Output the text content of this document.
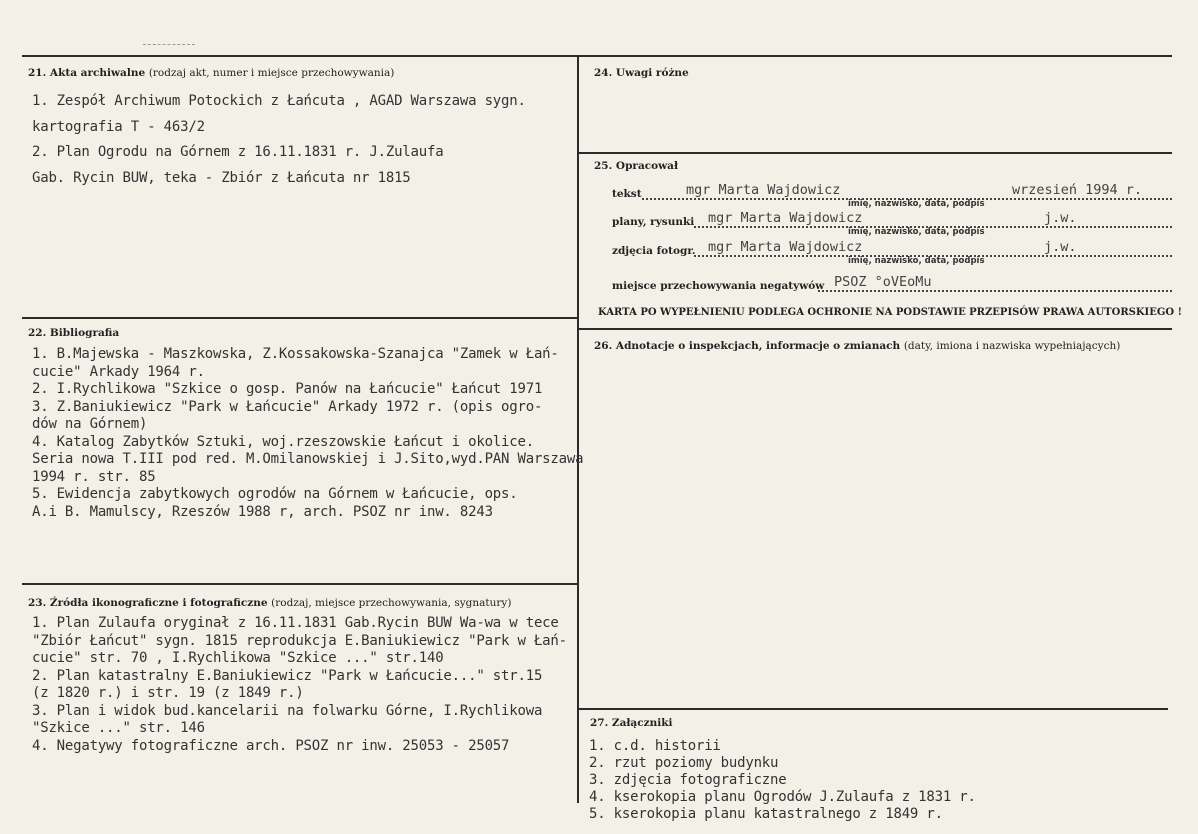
21. Akta archiwalne (rodzaj akt, numer i miejsce przechowywania)

1. Zespół Archiwum Potockich z Łańcuta , AGAD Warszawa sygn.

kartografia T - 463/2

2. Plan Ogrodu na Górnem z 16.11.1831 r. J.Zulaufa

Gab. Rycin BUW, teka - Zbiór z Łańcuta nr 1815

22. Bibliografia

1. B.Majewska - Maszkowska, Z.Kossakowska-Szanajca "Zamek w Łań-

cucie" Arkady 1964 r.

2. I.Rychlikowa "Szkice o gosp. Panów na Łańcucie" Łańcut 1971

3. Z.Baniukiewicz "Park w Łańcucie" Arkady 1972 r. (opis ogro-

dów na Górnem)

4. Katalog Zabytków Sztuki, woj.rzeszowskie Łańcut i okolice.

Seria nowa T.III pod red. M.Omilanowskiej i J.Sito,wyd.PAN Warszawa

1994 r. str. 85

5. Ewidencja zabytkowych ogrodów na Górnem w Łańcucie, ops.

A.i B. Mamulscy, Rzeszów 1988 r, arch. PSOZ nr inw. 8243

23. Źródła ikonograficzne i fotograficzne (rodzaj, miejsce przechowywania, sygnatury)

1. Plan Zulaufa oryginał z 16.11.1831 Gab.Rycin BUW Wa-wa w tece

"Zbiór Łańcut" sygn. 1815 reprodukcja E.Baniukiewicz "Park w Łań-

cucie" str. 70 , I.Rychlikowa "Szkice ..." str.140

2. Plan katastralny E.Baniukiewicz "Park w Łańcucie..." str.15

(z 1820 r.) i str. 19 (z 1849 r.)

3. Plan i widok bud.kancelarii na folwarku Górne, I.Rychlikowa

"Szkice ..." str. 146

4. Negatywy fotograficzne arch. PSOZ nr inw. 25053 - 25057

24. Uwagi różne
25. Opracował
tekst	mgr Marta Wajdowicz	wrzesień 1994 r.
imię, nazwisko, data, podpis
plany, rysunki mgr Marta Wajdowicz	j.w.
imię, nazwisko, data, podpis
zdjęcia fotogr. mgr Marta Wajdowicz	j.w.
imię, nazwisko, data, podpis
miejsce przechowywania negatywów PSOZ °oVEoMu
KARTA PO WYPEŁNIENIU PODLEGA OCHRONIE NA PODSTAWIE PRZEPISÓW PRAWA AUTORSKIEGO !
26. Adnotacje o inspekcjach, informacje o zmianach (daty, imiona i nazwiska wypełniających)
27. Załączniki

1. c.d. historii

2. rzut poziomy budynku

3. zdjęcia fotograficzne

4. kserokopia planu Ogrodów J.Zulaufa z 1831 r.

5. kserokopia planu katastralnego z 1849 r.
